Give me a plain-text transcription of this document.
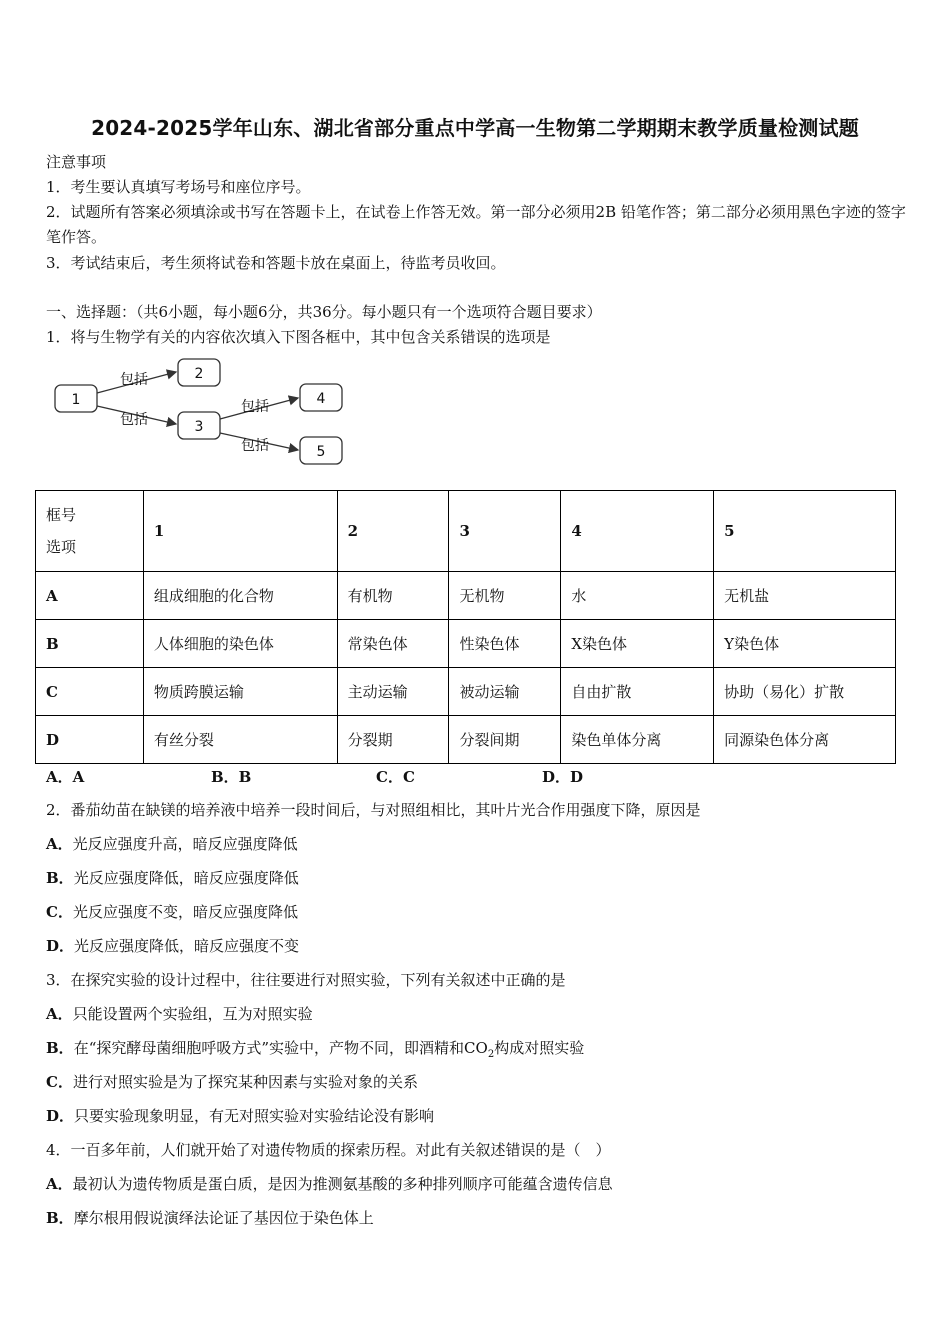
2024-2025学年山东、湖北省部分重点中学高一生物第二学期期末教学质量检测试题
注意事项
1．考生要认真填写考场号和座位序号。
2．试题所有答案必须填涂或书写在答题卡上，在试卷上作答无效。第一部分必须用2B 铅笔作答；第二部分必须用黑色字迹的签字笔作答。
3．考试结束后，考生须将试卷和答题卡放在桌面上，待监考员收回。
一、选择题：（共6小题，每小题6分，共36分。每小题只有一个选项符合题目要求）
1．将与生物学有关的内容依次填入下图各框中，其中包含关系错误的选项是
1
2
3
4
5
包括
包括
包括
包括
框号
选项	1	2	3	4	5
A	组成细胞的化合物	有机物	无机物	水	无机盐
B	人体细胞的染色体	常染色体	性染色体	X染色体	Y染色体
C	物质跨膜运输	主动运输	被动运输	自由扩散	协助（易化）扩散
D	有丝分裂	分裂期	分裂间期	染色单体分离	同源染色体分离
A．A	B．B	C．C	D．D
2．番茄幼苗在缺镁的培养液中培养一段时间后，与对照组相比，其叶片光合作用强度下降，原因是
A．光反应强度升高，暗反应强度降低
B．光反应强度降低，暗反应强度降低
C．光反应强度不变，暗反应强度降低
D．光反应强度降低，暗反应强度不变
3．在探究实验的设计过程中，往往要进行对照实验，下列有关叙述中正确的是
A．只能设置两个实验组，互为对照实验
B．在“探究酵母菌细胞呼吸方式”实验中，产物不同，即酒精和$CO_2$构成对照实验
C．进行对照实验是为了探究某种因素与实验对象的关系
D．只要实验现象明显，有无对照实验对实验结论没有影响
4．一百多年前，人们就开始了对遗传物质的探索历程。对此有关叙述错误的是（　）
A．最初认为遗传物质是蛋白质，是因为推测氨基酸的多种排列顺序可能蕴含遗传信息
B．摩尔根用假说演绎法论证了基因位于染色体上
